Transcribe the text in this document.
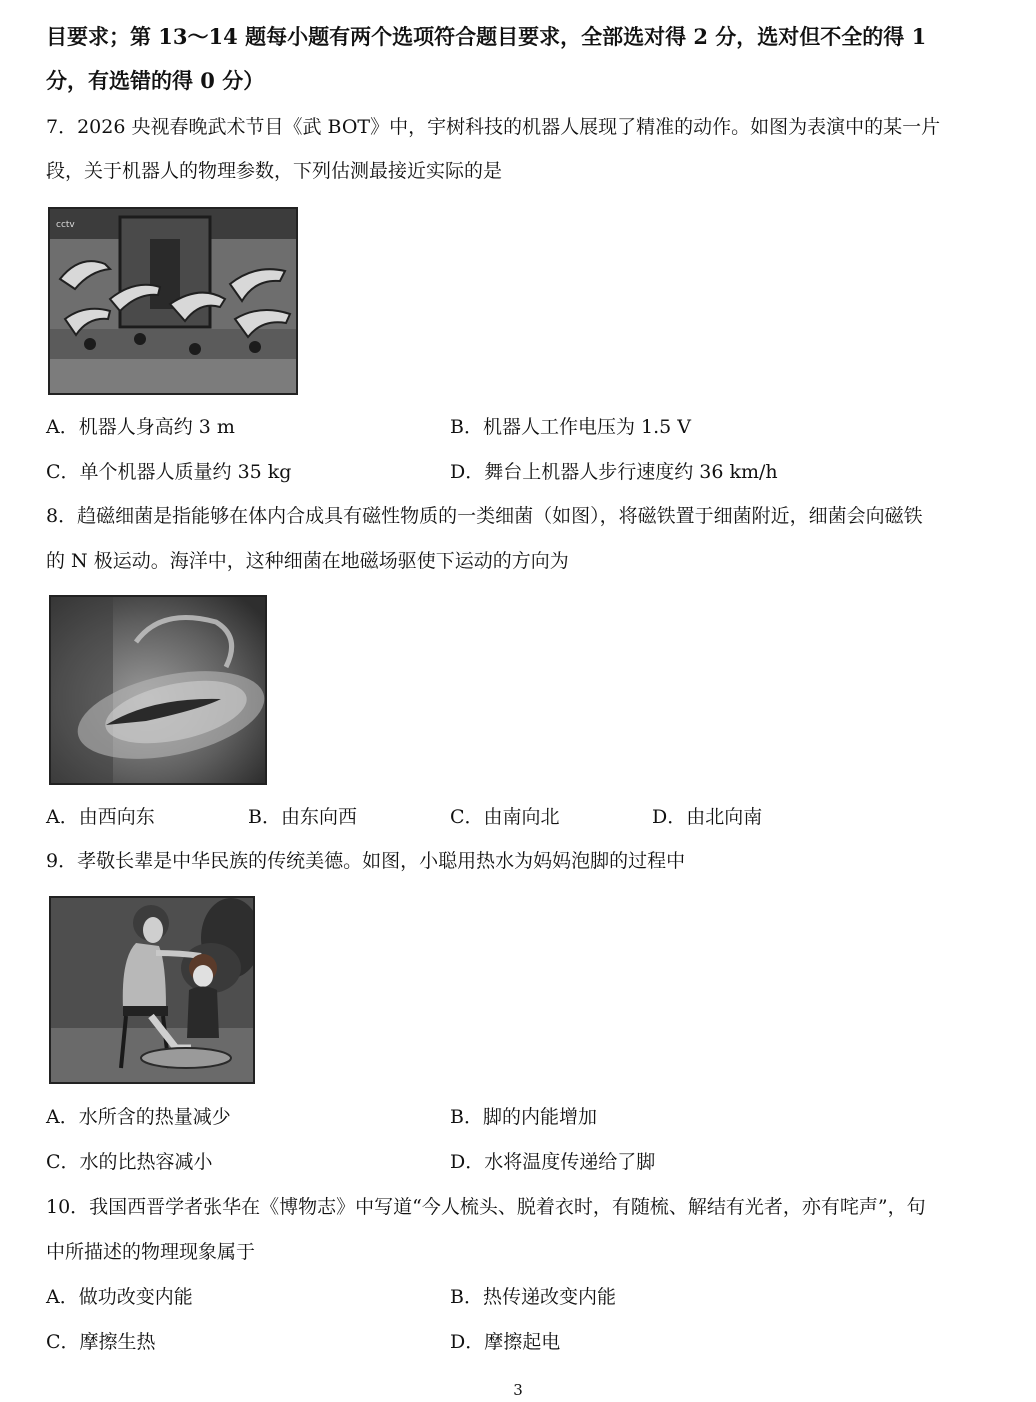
目要求；第 13～14 题每小题有两个选项符合题目要求，全部选对得 2 分，选对但不全的得 1
分，有选错的得 0 分）
7．2026 央视春晚武术节目《武 BOT》中，宇树科技的机器人展现了精准的动作。如图为表演中的某一片
段，关于机器人的物理参数，下列估测最接近实际的是
cctv
A．机器人身高约 3 m	B．机器人工作电压为 1.5 V
C．单个机器人质量约 35 kg	D．舞台上机器人步行速度约 36 km/h
8．趋磁细菌是指能够在体内合成具有磁性物质的一类细菌（如图），将磁铁置于细菌附近，细菌会向磁铁
的 N 极运动。海洋中，这种细菌在地磁场驱使下运动的方向为
A．由西向东	B．由东向西	C．由南向北	D．由北向南
9．孝敬长辈是中华民族的传统美德。如图，小聪用热水为妈妈泡脚的过程中
A．水所含的热量减少	B．脚的内能增加
C．水的比热容减小	D．水将温度传递给了脚
10．我国西晋学者张华在《博物志》中写道“今人梳头、脱着衣时，有随梳、解结有光者，亦有咤声”，句
中所描述的物理现象属于
A．做功改变内能	B．热传递改变内能
C．摩擦生热	D．摩擦起电
3
